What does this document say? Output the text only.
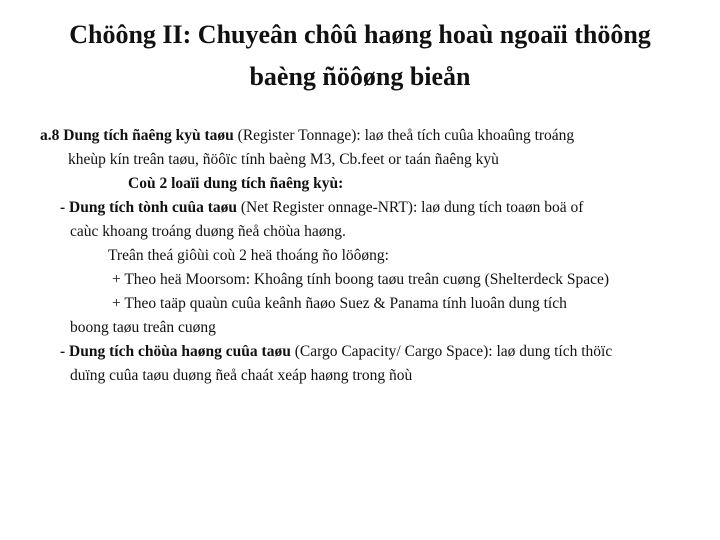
Chöông II: Chuyeân chôû haøng hoaù ngoaïi thöông
baèng ñöôøng bieån

a.8 Dung tích ñaêng kyù taøu (Register Tonnage): laø theå tích cuûa khoaûng troáng

kheùp kín treân taøu, ñöôïc tính baèng M3, Cb.feet or taán ñaêng kyù

Coù 2 loaïi dung tích ñaêng kyù:

- Dung tích tònh cuûa taøu (Net Register onnage-NRT): laø dung tích toaøn boä of

caùc khoang troáng duøng ñeå chöùa haøng.

Treân theá giôùi coù 2 heä thoáng ño löôøng:

+ Theo heä Moorsom: Khoâng tính boong taøu treân cuøng (Shelterdeck Space)

+ Theo taäp quaùn cuûa keânh ñaøo Suez & Panama tính luoân dung tích

boong taøu treân cuøng

- Dung tích chöùa haøng cuûa taøu (Cargo Capacity/ Cargo Space): laø dung tích thöïc

duïng cuûa taøu duøng ñeå chaát xeáp haøng trong ñoù
